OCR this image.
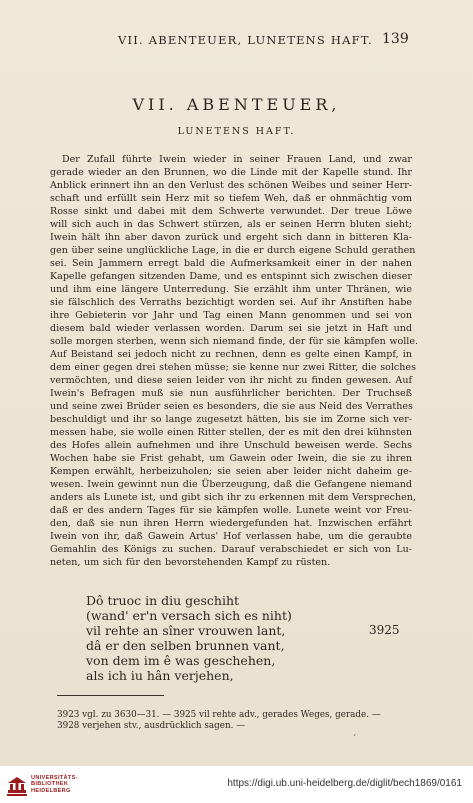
VII. ABENTEUER, LUNETENS HAFT. 139
VII. ABENTEUER,
LUNETENS HAFT.
Der Zufall führte Iwein wieder in seiner Frauen Land, und zwar
gerade wieder an den Brunnen, wo die Linde mit der Kapelle stund. Ihr
Anblick erinnert ihn an den Verlust des schönen Weibes und seiner Herr-
schaft und erfüllt sein Herz mit so tiefem Weh, daß er ohnmächtig vom
Rosse sinkt und dabei mit dem Schwerte verwundet. Der treue Löwe
will sich auch in das Schwert stürzen, als er seinen Herrn bluten sieht;
Iwein hält ihn aber davon zurück und ergeht sich dann in bitteren Kla-
gen über seine unglückliche Lage, in die er durch eigene Schuld gerathen
sei. Sein Jammern erregt bald die Aufmerksamkeit einer in der nahen
Kapelle gefangen sitzenden Dame, und es entspinnt sich zwischen dieser
und ihm eine längere Unterredung. Sie erzählt ihm unter Thränen, wie
sie fälschlich des Verraths bezichtigt worden sei. Auf ihr Anstiften habe
ihre Gebieterin vor Jahr und Tag einen Mann genommen und sei von
diesem bald wieder verlassen worden. Darum sei sie jetzt in Haft und
solle morgen sterben, wenn sich niemand finde, der für sie kämpfen wolle.
Auf Beistand sei jedoch nicht zu rechnen, denn es gelte einen Kampf, in
dem einer gegen drei stehen müsse; sie kenne nur zwei Ritter, die solches
vermöchten, und diese seien leider von ihr nicht zu finden gewesen. Auf
Iwein's Befragen muß sie nun ausführlicher berichten. Der Truchseß
und seine zwei Brüder seien es besonders, die sie aus Neid des Verrathes
beschuldigt und ihr so lange zugesetzt hätten, bis sie im Zorne sich ver-
messen habe, sie wolle einen Ritter stellen, der es mit den drei kühnsten
des Hofes allein aufnehmen und ihre Unschuld beweisen werde. Sechs
Wochen habe sie Frist gehabt, um Gawein oder Iwein, die sie zu ihren
Kempen erwählt, herbeizuholen; sie seien aber leider nicht daheim ge-
wesen. Iwein gewinnt nun die Überzeugung, daß die Gefangene niemand
anders als Lunete ist, und gibt sich ihr zu erkennen mit dem Versprechen,
daß er des andern Tages für sie kämpfen wolle. Lunete weint vor Freu-
den, daß sie nun ihren Herrn wiedergefunden hat. Inzwischen erfährt
Iwein von ihr, daß Gawein Artus' Hof verlassen habe, um die geraubte
Gemahlin des Königs zu suchen. Darauf verabschiedet er sich von Lu-
neten, um sich für den bevorstehenden Kampf zu rüsten.
Dô truoc in diu geschiht
(wand' er'n versach sich es niht)
vil rehte an sîner vrouwen lant,	3925
dâ er den selben brunnen vant,
von dem im ê was geschehen,
als ich iu hân verjehen,
3923 vgl. zu 3630—31. — 3925 vil rehte adv., gerades Weges, gerade. —
3928 verjehen stv., ausdrücklich sagen. —
ˊ
UNIVERSITÄTS-
BIBLIOTHEK
HEIDELBERG
https://digi.ub.uni-heidelberg.de/diglit/bech1869/0161
